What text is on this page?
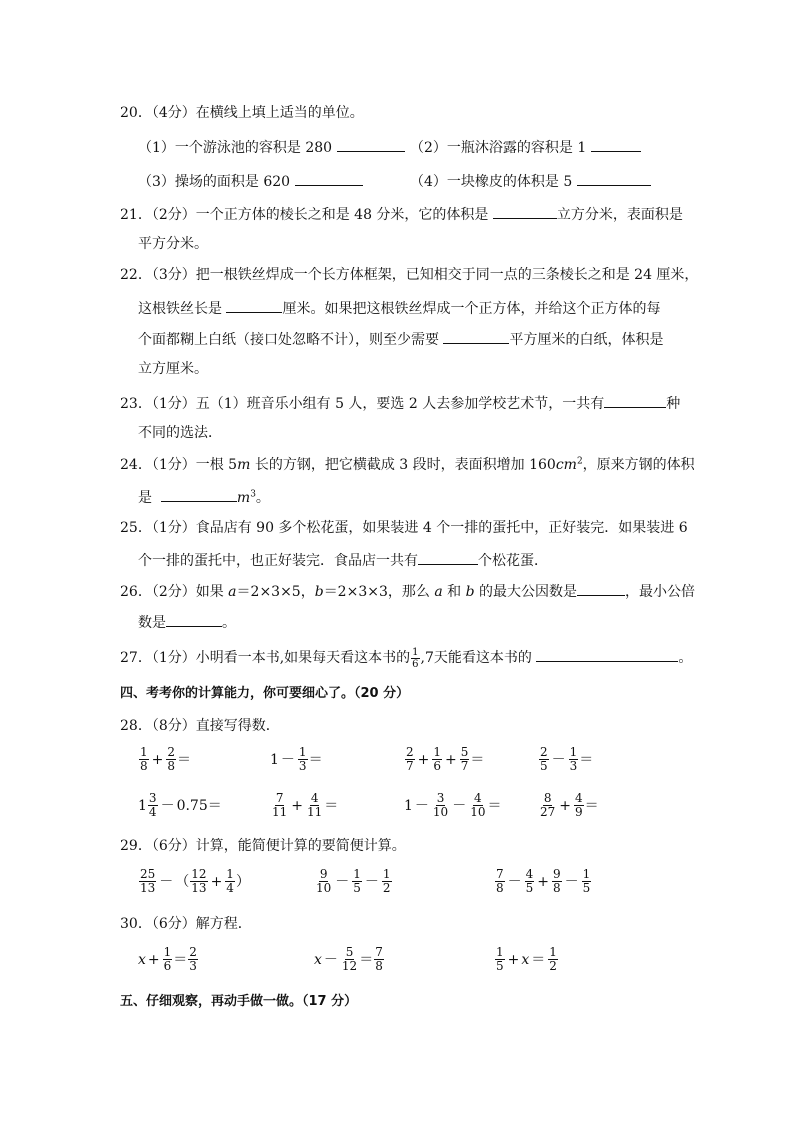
20．（4分）在横线上填上适当的单位。
（1）一个游泳池的容积是 280	（2）一瓶沐浴露的容积是 1
（3）操场的面积是 620	（4）一块橡皮的体积是 5
21．（2分）一个正方体的棱长之和是 48 分米，它的体积是	立方分米，表面积是
平方分米。
22．（3分）把一根铁丝焊成一个长方体框架，已知相交于同一点的三条棱长之和是 24 厘米，
这根铁丝长是	厘米。如果把这根铁丝焊成一个正方体，并给这个正方体的每
个面都糊上白纸（接口处忽略不计），则至少需要	平方厘米的白纸，体积是
立方厘米。
23．（1分）五（1）班音乐小组有 5 人，要选 2 人去参加学校艺术节，一共有	种
不同的选法．
24．（1分）一根 5m 长的方钢，把它横截成 3 段时，表面积增加 $160cm^2$，原来方钢的体积
是	$m^3$。
25．（1分）食品店有 90 多个松花蛋，如果装进 4 个一排的蛋托中，正好装完．如果装进 6
个一排的蛋托中，也正好装完．食品店一共有	个松花蛋．
26．（2分）如果 a＝2×3×5，b＝2×3×3，那么 a 和 b 的最大公因数是	，最小公倍
数是	。
27．（1分）小明看一本书,如果每天看这本书的 $\frac{1}{6} ,7$天能看这本书的	。
四、考考你的计算能力，你可要细心了。（20 分）
28．（8分）直接写得数．
$\frac{1}{8} + \frac{2}{8}$ ＝	$1 - \frac{1}{3}$ ＝	$\frac{2}{7} + \frac{1}{6} + \frac{5}{7}$ ＝	$\frac{2}{5} - \frac{1}{3}$ ＝
$1 \frac{3}{4} - 0.75=$	$\frac{7}{11} + \frac{4}{11}$ ＝	$1 - \frac{3}{10} - \frac{4}{10}$ ＝	$\frac{8}{27} + \frac{4}{9}$ ＝
29．（6分）计算，能简便计算的要简便计算。
$\frac{25}{13}$ － （ $\frac{12}{13} + \frac{1}{4}$ ）	$\frac{9}{10} - \frac{1}{5} - \frac{1}{2}$	$\frac{7}{8} - \frac{4}{5} + \frac{9}{8} - \frac{1}{5}$
30．（6分）解方程．
$x + \frac{1}{6} = \frac{2}{3}$	$x - \frac{5}{12} = \frac{7}{8}$	$\frac{1}{5} + x = \frac{1}{2}$
五、仔细观察，再动手做一做。（17 分）
